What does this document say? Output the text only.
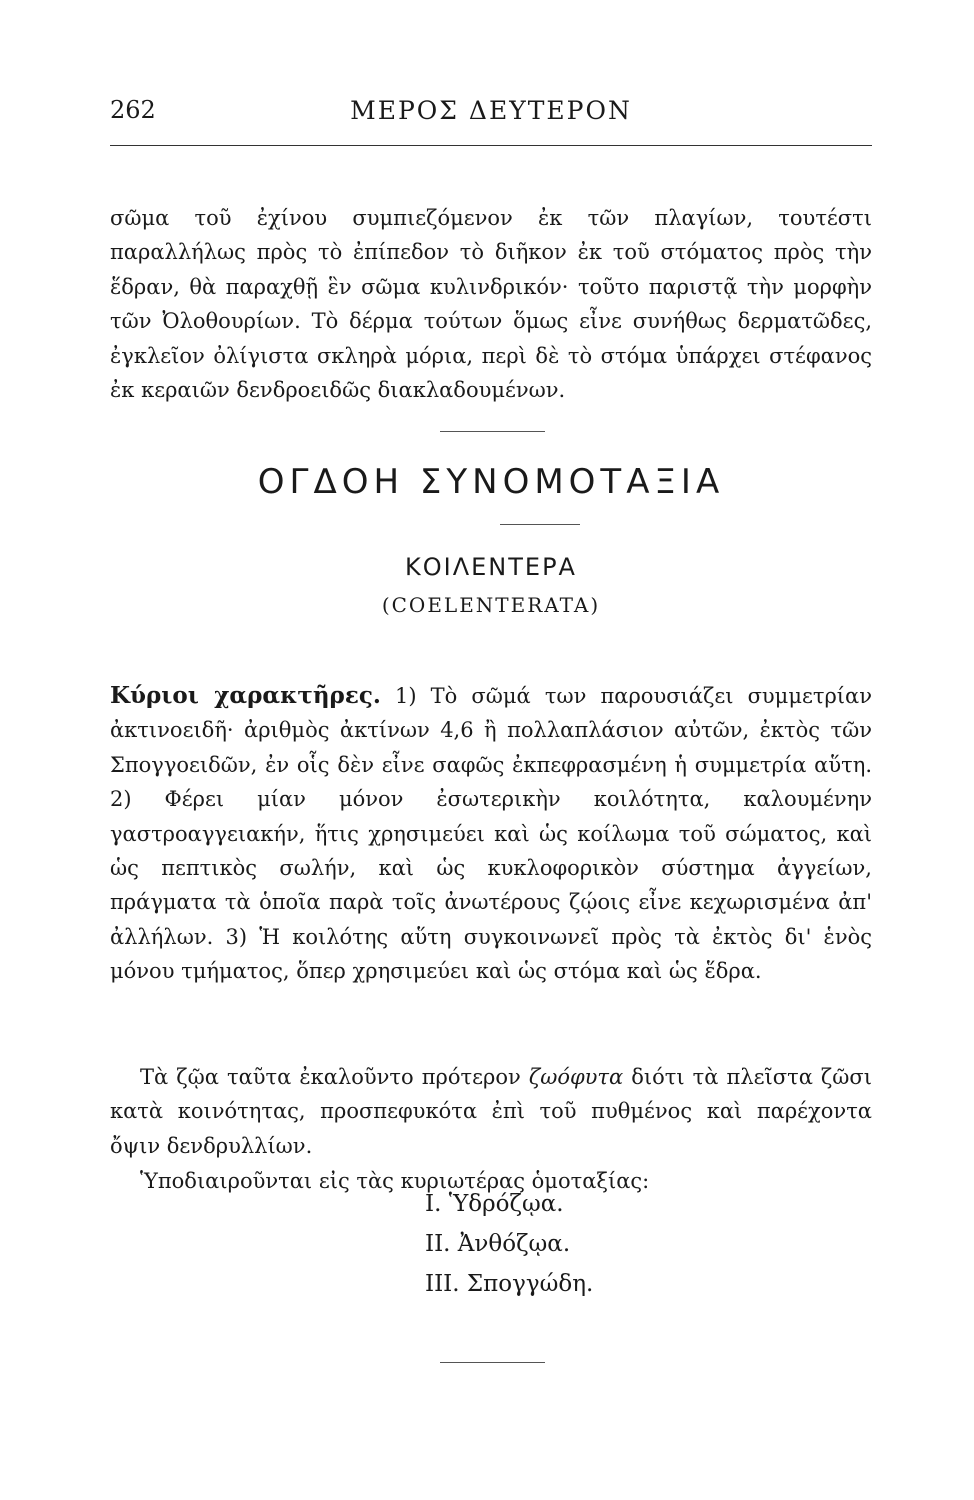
262	ΜΕΡΟΣ ΔΕΥΤΕΡΟΝ

σῶμα τοῦ ἐχίνου συμπιεζόμενον ἐκ τῶν πλαγίων, τουτέστι παραλλήλως πρὸς τὸ ἐπίπεδον τὸ διῆκον ἐκ τοῦ στόματος πρὸς τὴν ἕδραν, θὰ παραχθῇ ἓν σῶμα κυλινδρικόν· τοῦτο παριστᾷ τὴν μορφὴν τῶν Ὀλοθουρίων. Τὸ δέρμα τούτων ὅμως εἶνε συνήθως δερματῶδες, ἐγκλεῖον ὀλίγιστα σκληρὰ μόρια, περὶ δὲ τὸ στόμα ὑπάρχει στέφανος ἐκ κεραιῶν δενδροειδῶς διακλαδουμένων.

ΟΓΔΟΗ ΣΥΝΟΜΟΤΑΞΙΑ
ΚΟΙΛΕΝΤΕΡΑ
(COELENTERATA)

Κύριοι χαρακτῆρες. 1) Τὸ σῶμά των παρουσιάζει συμμετρίαν ἀκτινοειδῆ· ἀριθμὸς ἀκτίνων 4,6 ἢ πολλαπλάσιον αὐτῶν, ἐκτὸς τῶν Σπογγοειδῶν, ἐν οἷς δὲν εἶνε σαφῶς ἐκπεφρασμένη ἡ συμμετρία αὕτη. 2) Φέρει μίαν μόνον ἐσωτερικὴν κοιλότητα, καλουμένην γαστροαγγειακήν, ἥτις χρησιμεύει καὶ ὡς κοίλωμα τοῦ σώματος, καὶ ὡς πεπτικὸς σωλήν, καὶ ὡς κυκλοφορικὸν σύστημα ἀγγείων, πράγματα τὰ ὁποῖα παρὰ τοῖς ἀνωτέρους ζῴοις εἶνε κεχωρισμένα ἀπ' ἀλλήλων. 3) Ἡ κοιλότης αὕτη συγκοινωνεῖ πρὸς τὰ ἐκτὸς δι' ἑνὸς μόνου τμήματος, ὅπερ χρησιμεύει καὶ ὡς στόμα καὶ ὡς ἕδρα.

Τὰ ζῷα ταῦτα ἐκαλοῦντο πρότερον ζωόφυτα διότι τὰ πλεῖστα ζῶσι κατὰ κοινότητας, προσπεφυκότα ἐπὶ τοῦ πυθμένος καὶ παρέχοντα ὄψιν δενδρυλλίων.

Ὑποδιαιροῦνται εἰς τὰς κυριωτέρας ὁμοταξίας:

I. Ὑδρόζῳα.
II. Ἀνθόζῳα.
III. Σπογγώδη.
